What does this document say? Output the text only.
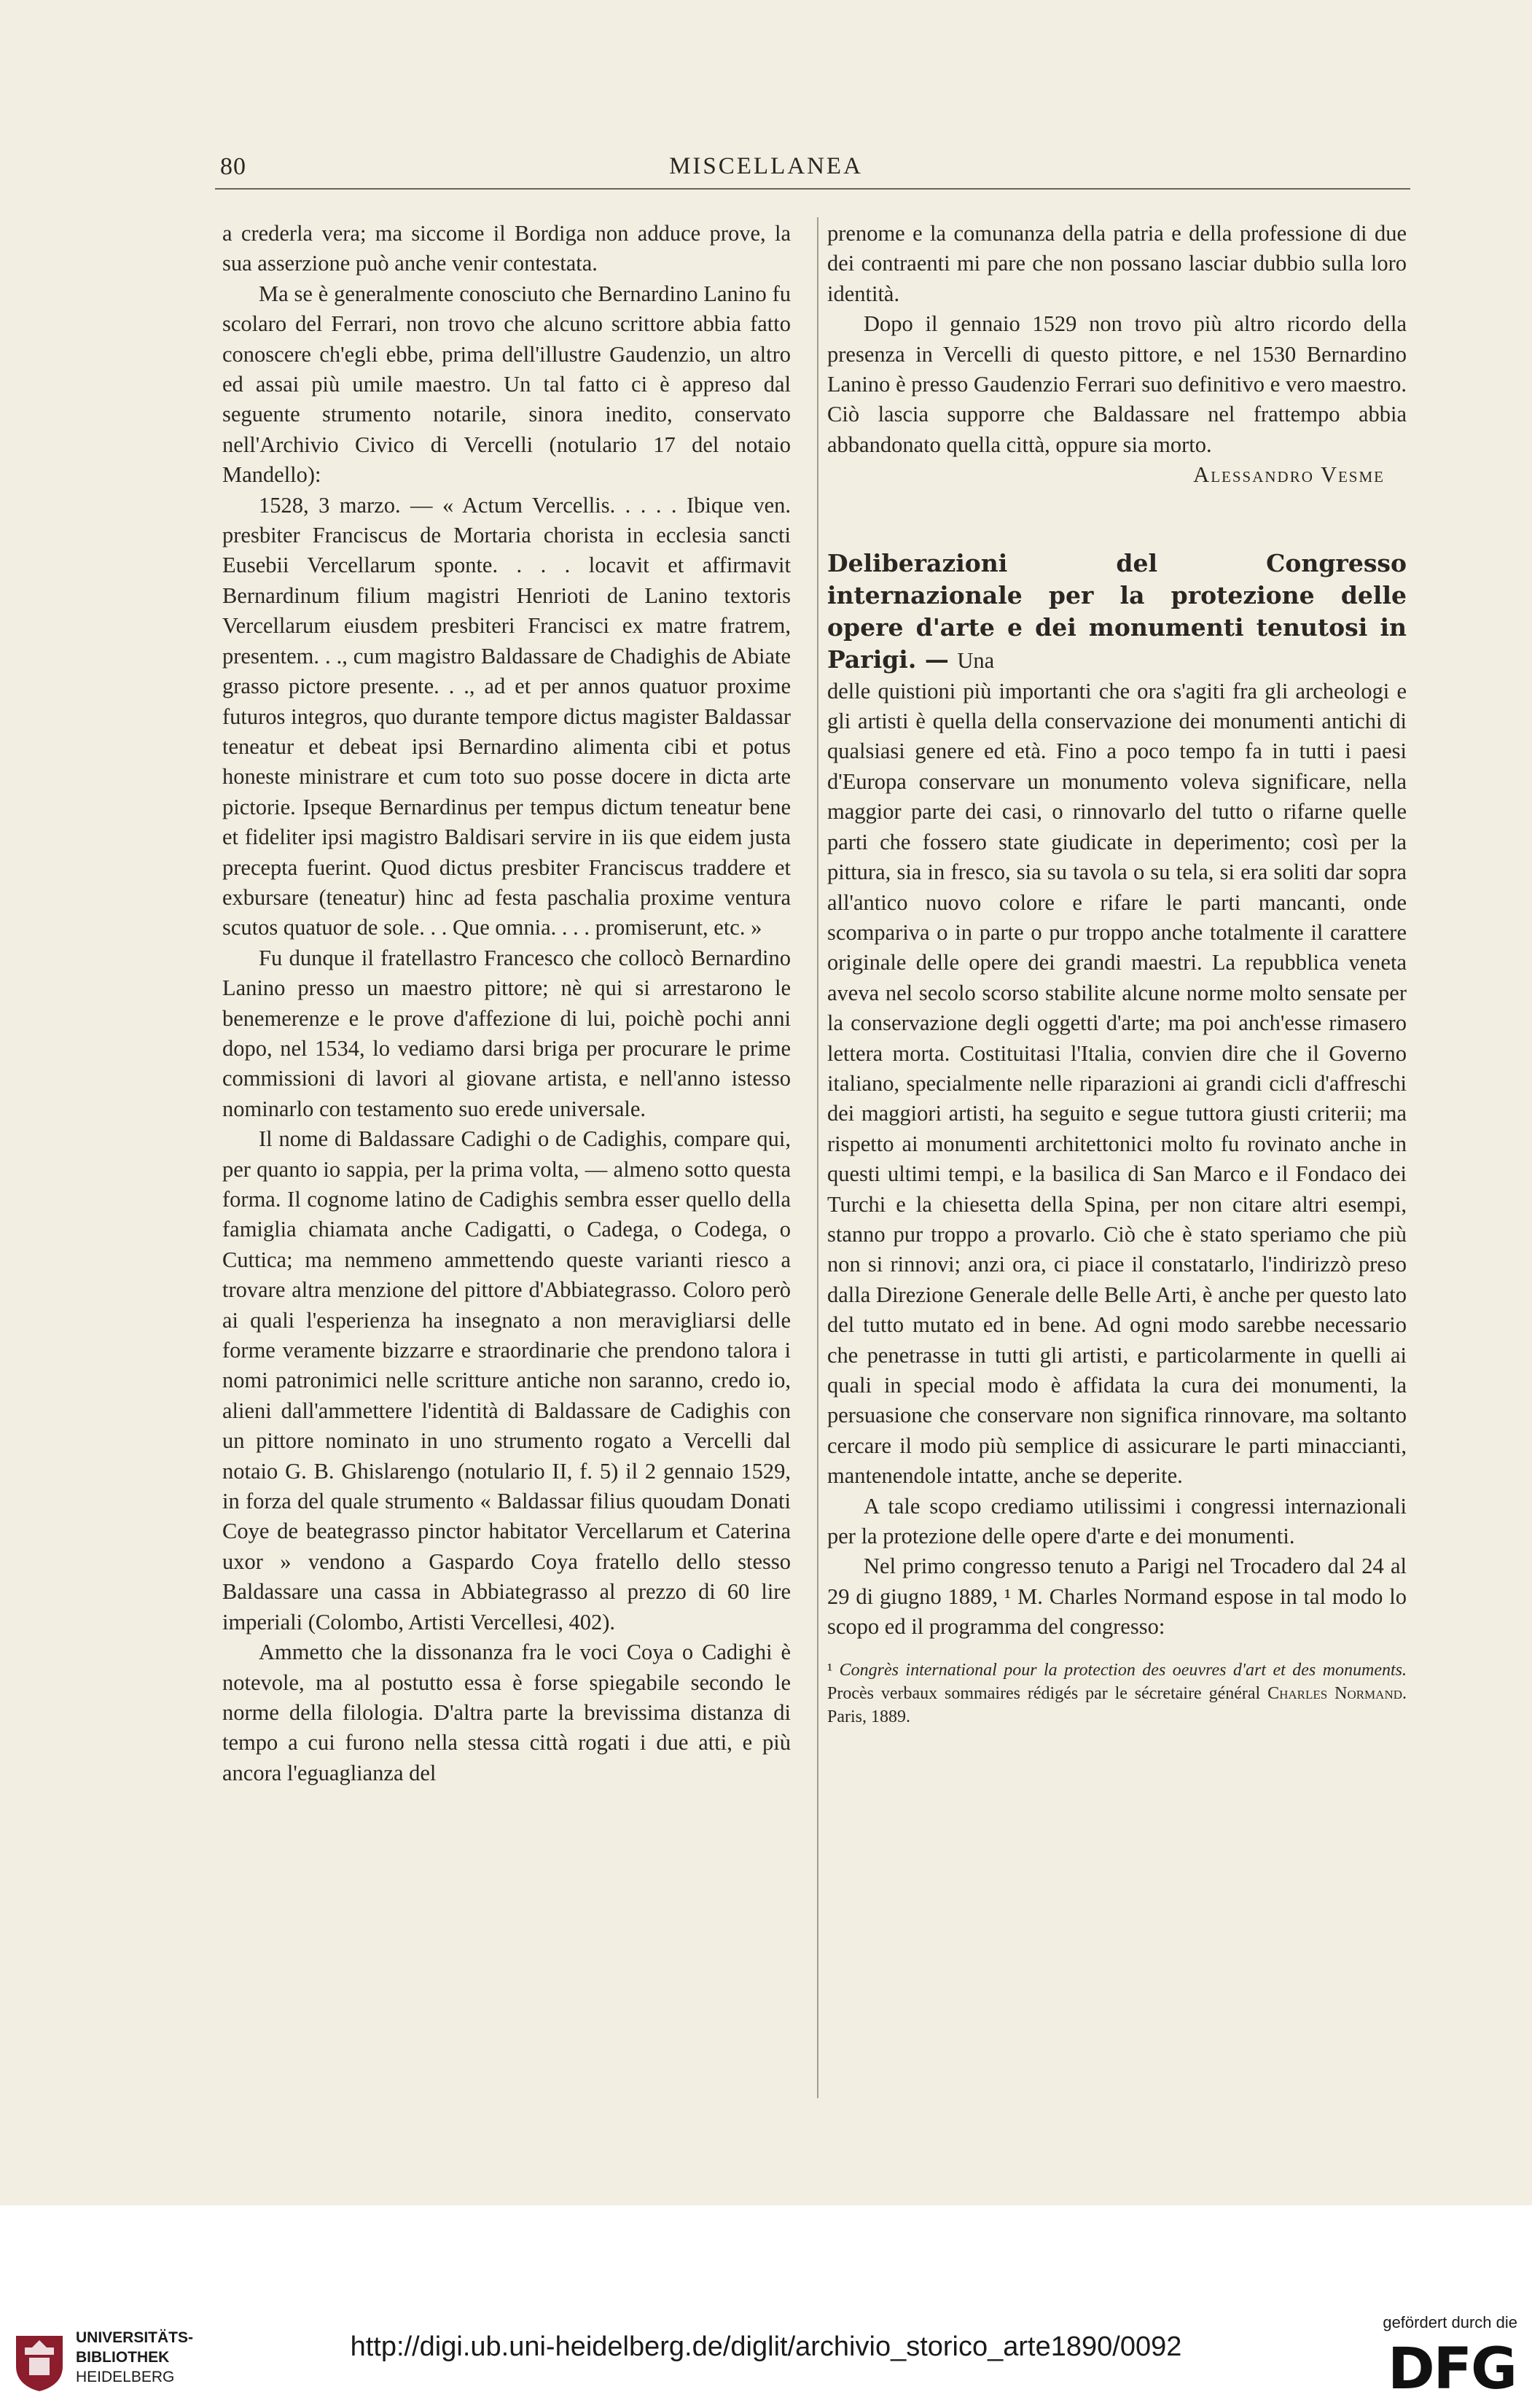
80	MISCELLANEA

a crederla vera; ma siccome il Bordiga non adduce prove, la sua asserzione può anche venir contestata.

Ma se è generalmente conosciuto che Bernardino Lanino fu scolaro del Ferrari, non trovo che alcuno scrittore abbia fatto conoscere ch'egli ebbe, prima dell'illustre Gaudenzio, un altro ed assai più umile maestro. Un tal fatto ci è appreso dal seguente strumento notarile, sinora inedito, conservato nell'Archivio Civico di Vercelli (notulario 17 del notaio Mandello):

1528, 3 marzo. — « Actum Vercellis. . . . . Ibique ven. presbiter Franciscus de Mortaria chorista in ecclesia sancti Eusebii Vercellarum sponte. . . . locavit et affirmavit Bernardinum filium magistri Henrioti de Lanino textoris Vercellarum eiusdem presbiteri Francisci ex matre fratrem, presentem. . ., cum magistro Baldassare de Chadighis de Abiate grasso pictore presente. . ., ad et per annos quatuor proxime futuros integros, quo durante tempore dictus magister Baldassar teneatur et debeat ipsi Bernardino alimenta cibi et potus honeste ministrare et cum toto suo posse docere in dicta arte pictorie. Ipseque Bernardinus per tempus dictum teneatur bene et fideliter ipsi magistro Baldisari servire in iis que eidem justa precepta fuerint. Quod dictus presbiter Franciscus traddere et exbursare (teneatur) hinc ad festa paschalia proxime ventura scutos quatuor de sole. . . Que omnia. . . . promiserunt, etc. »

Fu dunque il fratellastro Francesco che collocò Bernardino Lanino presso un maestro pittore; nè qui si arrestarono le benemerenze e le prove d'affezione di lui, poichè pochi anni dopo, nel 1534, lo vediamo darsi briga per procurare le prime commissioni di lavori al giovane artista, e nell'anno istesso nominarlo con testamento suo erede universale.

Il nome di Baldassare Cadighi o de Cadighis, compare qui, per quanto io sappia, per la prima volta, — almeno sotto questa forma. Il cognome latino de Cadighis sembra esser quello della famiglia chiamata anche Cadigatti, o Cadega, o Codega, o Cuttica; ma nemmeno ammettendo queste varianti riesco a trovare altra menzione del pittore d'Abbiategrasso. Coloro però ai quali l'esperienza ha insegnato a non meravigliarsi delle forme veramente bizzarre e straordinarie che prendono talora i nomi patronimici nelle scritture antiche non saranno, credo io, alieni dall'ammettere l'identità di Baldassare de Cadighis con un pittore nominato in uno strumento rogato a Vercelli dal notaio G. B. Ghislarengo (notulario II, f. 5) il 2 gennaio 1529, in forza del quale strumento « Baldassar filius quoudam Donati Coye de beategrasso pinctor habitator Vercellarum et Caterina uxor » vendono a Gaspardo Coya fratello dello stesso Baldassare una cassa in Abbiategrasso al prezzo di 60 lire imperiali (Colombo, Artisti Vercellesi, 402).

Ammetto che la dissonanza fra le voci Coya o Cadighi è notevole, ma al postutto essa è forse spiegabile secondo le norme della filologia. D'altra parte la brevissima distanza di tempo a cui furono nella stessa città rogati i due atti, e più ancora l'eguaglianza del

prenome e la comunanza della patria e della professione di due dei contraenti mi pare che non possano lasciar dubbio sulla loro identità.

Dopo il gennaio 1529 non trovo più altro ricordo della presenza in Vercelli di questo pittore, e nel 1530 Bernardino Lanino è presso Gaudenzio Ferrari suo definitivo e vero maestro. Ciò lascia supporre che Baldassare nel frattempo abbia abbandonato quella città, oppure sia morto.

Alessandro Vesme

Deliberazioni del Congresso internazionale per la protezione delle opere d'arte e dei monumenti tenutosi in Parigi. — Una

delle quistioni più importanti che ora s'agiti fra gli archeologi e gli artisti è quella della conservazione dei monumenti antichi di qualsiasi genere ed età. Fino a poco tempo fa in tutti i paesi d'Europa conservare un monumento voleva significare, nella maggior parte dei casi, o rinnovarlo del tutto o rifarne quelle parti che fossero state giudicate in deperimento; così per la pittura, sia in fresco, sia su tavola o su tela, si era soliti dar sopra all'antico nuovo colore e rifare le parti mancanti, onde scompariva o in parte o pur troppo anche totalmente il carattere originale delle opere dei grandi maestri. La repubblica veneta aveva nel secolo scorso stabilite alcune norme molto sensate per la conservazione degli oggetti d'arte; ma poi anch'esse rimasero lettera morta. Costituitasi l'Italia, convien dire che il Governo italiano, specialmente nelle riparazioni ai grandi cicli d'affreschi dei maggiori artisti, ha seguito e segue tuttora giusti criterii; ma rispetto ai monumenti architettonici molto fu rovinato anche in questi ultimi tempi, e la basilica di San Marco e il Fondaco dei Turchi e la chiesetta della Spina, per non citare altri esempi, stanno pur troppo a provarlo. Ciò che è stato speriamo che più non si rinnovi; anzi ora, ci piace il constatarlo, l'indirizzò preso dalla Direzione Generale delle Belle Arti, è anche per questo lato del tutto mutato ed in bene. Ad ogni modo sarebbe necessario che penetrasse in tutti gli artisti, e particolarmente in quelli ai quali in special modo è affidata la cura dei monumenti, la persuasione che conservare non significa rinnovare, ma soltanto cercare il modo più semplice di assicurare le parti minaccianti, mantenendole intatte, anche se deperite.

A tale scopo crediamo utilissimi i congressi internazionali per la protezione delle opere d'arte e dei monumenti.

Nel primo congresso tenuto a Parigi nel Trocadero dal 24 al 29 di giugno 1889, ¹ M. Charles Normand espose in tal modo lo scopo ed il programma del congresso:

¹ Congrès international pour la protection des oeuvres d'art et des monuments. Procès verbaux sommaires rédigés par le sécretaire général Charles Normand. Paris, 1889.

UNIVERSITÄTS-
BIBLIOTHEK
HEIDELBERG
http://digi.ub.uni-heidelberg.de/diglit/archivio_storico_arte1890/0092
gefördert durch die
DFG
